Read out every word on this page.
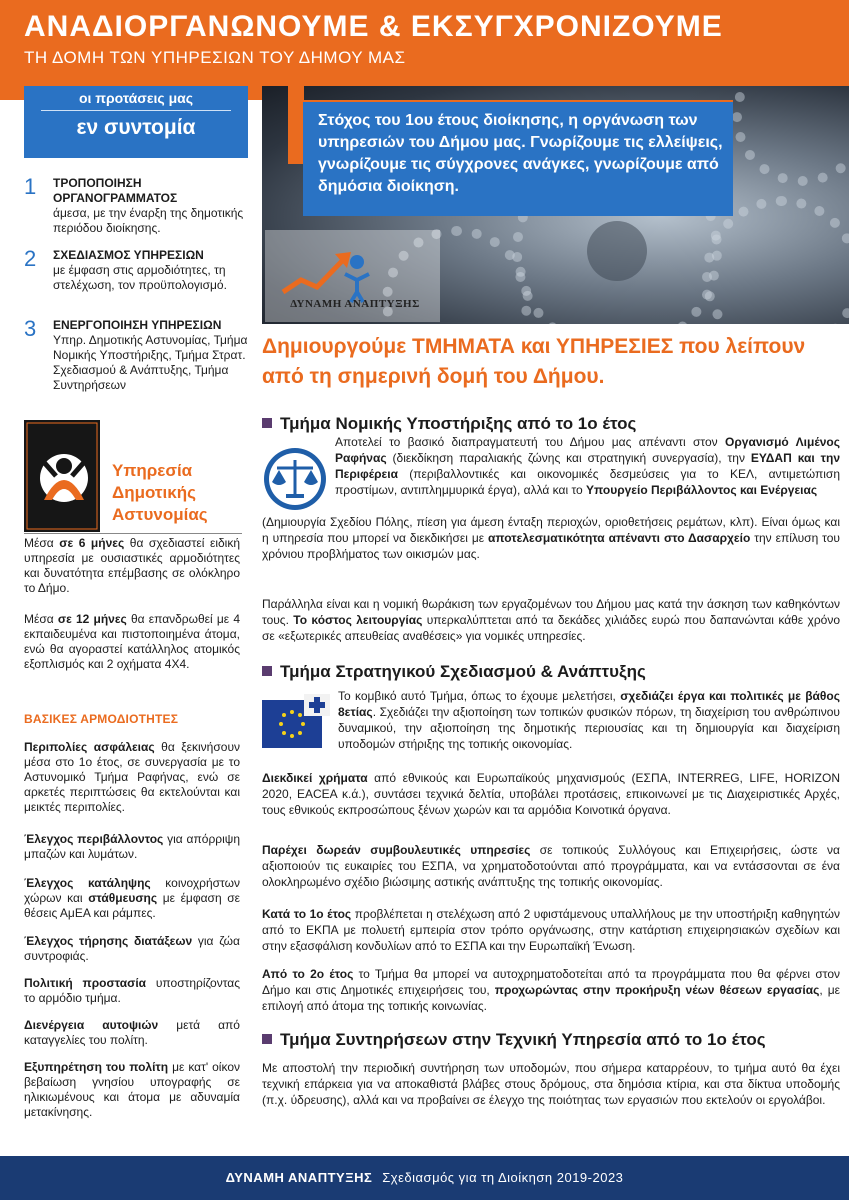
ΑΝΑΔΙΟΡΓΑΝΩΝΟΥΜΕ & ΕΚΣΥΓΧΡΟΝΙΖΟΥΜΕ
ΤΗ ΔΟΜΗ ΤΩΝ ΥΠΗΡΕΣΙΩΝ ΤΟΥ ΔΗΜΟΥ ΜΑΣ
οι προτάσεις μας
εν συντομία
1 ΤΡΟΠΟΠΟΙΗΣΗ ΟΡΓΑΝΟΓΡΑΜΜΑΤΟΣ
άμεσα, με την έναρξη της δημοτικής περιόδου διοίκησης.
2 ΣΧΕΔΙΑΣΜΟΣ ΥΠΗΡΕΣΙΩΝ
με έμφαση στις αρμοδιότητες, τη στελέχωση, τον προϋπολογισμό.
3 ΕΝΕΡΓΟΠΟΙΗΣΗ ΥΠΗΡΕΣΙΩΝ
Υπηρ. Δημοτικής Αστυνομίας, Τμήμα Νομικής Υποστήριξης, Τμήμα Στρατ. Σχεδιασμού & Ανάπτυξης, Τμήμα Συντηρήσεων
Στόχος του 1ου έτους διοίκησης, η οργάνωση των υπηρεσιών του Δήμου μας. Γνωρίζουμε τις ελλείψεις, γνωρίζουμε τις σύγχρονες ανάγκες, γνωρίζουμε από δημόσια διοίκηση.
ΔΥΝΑΜΗ ΑΝΑΠΤΥΞΗΣ
Δημιουργούμε ΤΜΗΜΑΤΑ και ΥΠΗΡΕΣΙΕΣ που λείπουν από τη σημερινή δομή του Δήμου.
Τμήμα Νομικής Υποστήριξης από το 1ο έτος
Αποτελεί το βασικό διαπραγματευτή του Δήμου μας απέναντι στον Οργανισμό Λιμένος Ραφήνας (διεκδίκηση παραλιακής ζώνης και στρατηγική συνεργασία), την ΕΥΔΑΠ και την Περιφέρεια (περιβαλλοντικές και οικονομικές δεσμεύσεις για το ΚΕΛ, αντιμετώπιση προστίμων, αντιπλημμυρικά έργα), αλλά και το Υπουργείο Περιβάλλοντος και Ενέργειας
(Δημιουργία Σχεδίου Πόλης, πίεση για άμεση ένταξη περιοχών, οριοθετήσεις ρεμάτων, κλπ). Είναι όμως και η υπηρεσία που μπορεί να διεκδικήσει με αποτελεσματικότητα απέναντι στο Δασαρχείο την επίλυση του χρόνιου προβλήματος των οικισμών μας.
Παράλληλα είναι και η νομική θωράκιση των εργαζομένων του Δήμου μας κατά την άσκηση των καθηκόντων τους. Το κόστος λειτουργίας υπερκαλύπτεται από τα δεκάδες χιλιάδες ευρώ που δαπανώνται κάθε χρόνο σε «εξωτερικές απευθείας αναθέσεις» για νομικές υπηρεσίες.
Τμήμα Στρατηγικού Σχεδιασμού & Ανάπτυξης
Το κομβικό αυτό Τμήμα, όπως το έχουμε μελετήσει, σχεδιάζει έργα και πολιτικές με βάθος 8ετίας. Σχεδιάζει την αξιοποίηση των τοπικών φυσικών πόρων, τη διαχείριση του ανθρώπινου δυναμικού, την αξιοποίηση της δημοτικής περιουσίας και τη δημιουργία και διαχείριση υποδομών στήριξης της τοπικής οικονομίας.
Διεκδικεί χρήματα από εθνικούς και Ευρωπαϊκούς μηχανισμούς (ΕΣΠΑ, INTERREG, LIFE, HORIZON 2020, EACEA κ.ά.), συντάσει τεχνικά δελτία, υποβάλει προτάσεις, επικοινωνεί με τις Διαχειριστικές Αρχές, τους εθνικούς εκπροσώπους ξένων χωρών και τα αρμόδια Κοινοτικά όργανα.
Παρέχει δωρεάν συμβουλευτικές υπηρεσίες σε τοπικούς Συλλόγους και Επιχειρήσεις, ώστε να αξιοποιούν τις ευκαιρίες του ΕΣΠΑ, να χρηματοδοτούνται από προγράμματα, και να εντάσσονται σε ένα ολοκληρωμένο σχέδιο βιώσιμης αστικής ανάπτυξης της τοπικής οικονομίας.
Κατά το 1ο έτος προβλέπεται η στελέχωση από 2 υφιστάμενους υπαλλήλους με την υποστήριξη καθηγητών από το ΕΚΠΑ με πολυετή εμπειρία στον τρόπο οργάνωσης, στην κατάρτιση επιχειρησιακών σχεδίων και στην εξασφάλιση κονδυλίων από το ΕΣΠΑ και την Ευρωπαϊκή Ένωση.
Από το 2ο έτος το Τμήμα θα μπορεί να αυτοχρηματοδοτείται από τα προγράμματα που θα φέρνει στον Δήμο και στις Δημοτικές επιχειρήσεις του, προχωρώντας στην προκήρυξη νέων θέσεων εργασίας, με επιλογή από άτομα της τοπικής κοινωνίας.
Τμήμα Συντηρήσεων στην Τεχνική Υπηρεσία από το 1ο έτος
Με αποστολή την περιοδική συντήρηση των υποδομών, που σήμερα καταρρέουν, το τμήμα αυτό θα έχει τεχνική επάρκεια για να αποκαθιστά βλάβες στους δρόμους, στα δημόσια κτίρια, και στα δίκτυα υποδομής (π.χ. ύδρευσης), αλλά και να προβαίνει σε έλεγχο της ποιότητας των εργασιών που εκτελούν οι εργολάβοι.
Υπηρεσία Δημοτικής Αστυνομίας
Μέσα σε 6 μήνες θα σχεδιαστεί ειδική υπηρεσία με ουσιαστικές αρμοδιότητες και δυνατότητα επέμβασης σε ολόκληρο το Δήμο.
Μέσα σε 12 μήνες θα επανδρωθεί με 4 εκπαιδευμένα και πιστοποιημένα άτομα, ενώ θα αγοραστεί κατάλληλος ατομικός εξοπλισμός και 2 οχήματα 4Χ4.
ΒΑΣΙΚΕΣ ΑΡΜΟΔΙΟΤΗΤΕΣ
Περιπολίες ασφάλειας θα ξεκινήσουν μέσα στο 1ο έτος, σε συνεργασία με το Αστυνομικό Τμήμα Ραφήνας, ενώ σε αρκετές περιπτώσεις θα εκτελούνται και μεικτές περιπολίες.
Έλεγχος περιβάλλοντος για απόρριψη μπαζών και λυμάτων.
Έλεγχος κατάληψης κοινοχρήστων χώρων και στάθμευσης με έμφαση σε θέσεις ΑμΕΑ και ράμπες.
Έλεγχος τήρησης διατάξεων για ζώα συντροφιάς.
Πολιτική προστασία υποστηρίζοντας το αρμόδιο τμήμα.
Διενέργεια αυτοψιών μετά από καταγγελίες του πολίτη.
Εξυπηρέτηση του πολίτη με κατ' οίκον βεβαίωση γνησίου υπογραφής σε ηλικιωμένους και άτομα με αδυναμία μετακίνησης.
ΔΥΝΑΜΗ ΑΝΑΠΤΥΞΗΣ Σχεδιασμός για τη Διοίκηση 2019-2023
